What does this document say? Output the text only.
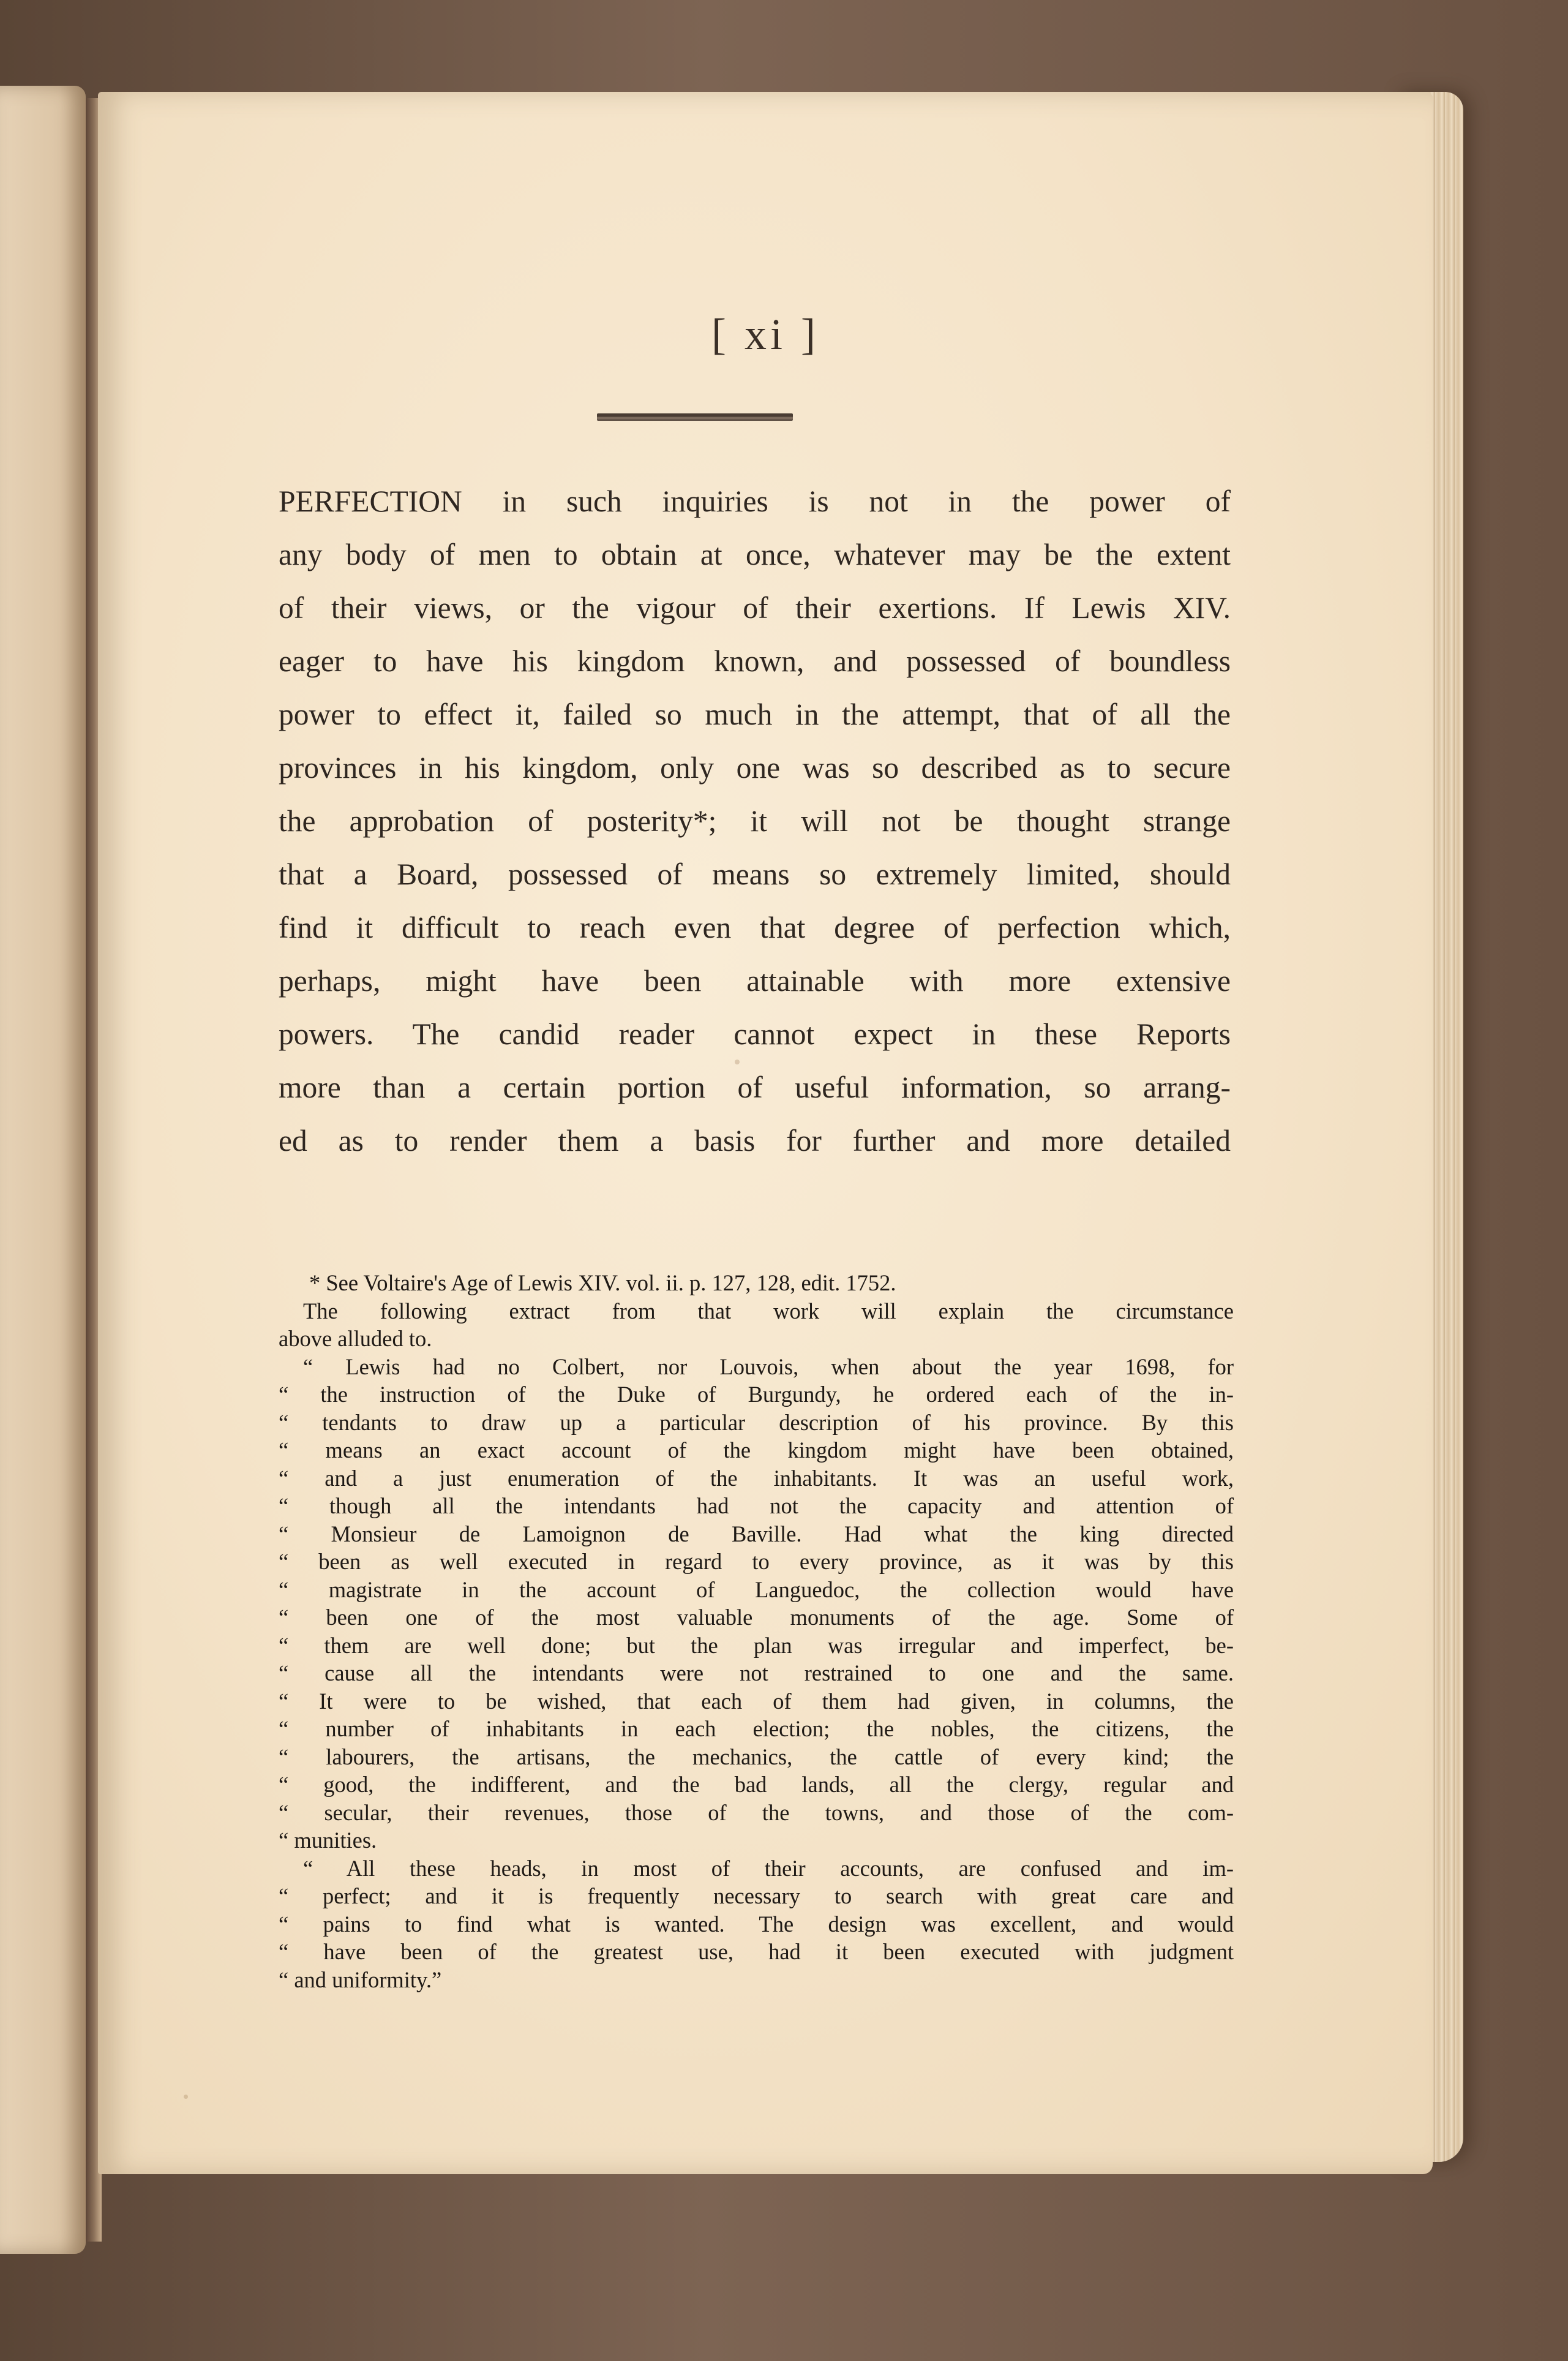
[ xi ]
PERFECTION in such inquiries is not in the power of
any body of men to obtain at once, whatever may be the extent
of their views, or the vigour of their exertions. If Lewis XIV.
eager to have his kingdom known, and possessed of boundless
power to effect it, failed so much in the attempt, that of all the
provinces in his kingdom, only one was so described as to secure
the approbation of posterity*; it will not be thought strange
that a Board, possessed of means so extremely limited, should
find it difficult to reach even that degree of perfection which,
perhaps, might have been attainable with more extensive
powers. The candid reader cannot expect in these Reports
more than a certain portion of useful information, so arrang-
ed as to render them a basis for further and more detailed
* See Voltaire's Age of Lewis XIV. vol. ii. p. 127, 128, edit. 1752.
The following extract from that work will explain the circumstance
above alluded to.
“ Lewis had no Colbert, nor Louvois, when about the year 1698, for
“ the instruction of the Duke of Burgundy, he ordered each of the in-
“ tendants to draw up a particular description of his province. By this
“ means an exact account of the kingdom might have been obtained,
“ and a just enumeration of the inhabitants. It was an useful work,
“ though all the intendants had not the capacity and attention of
“ Monsieur de Lamoignon de Baville. Had what the king directed
“ been as well executed in regard to every province, as it was by this
“ magistrate in the account of Languedoc, the collection would have
“ been one of the most valuable monuments of the age. Some of
“ them are well done; but the plan was irregular and imperfect, be-
“ cause all the intendants were not restrained to one and the same.
“ It were to be wished, that each of them had given, in columns, the
“ number of inhabitants in each election; the nobles, the citizens, the
“ labourers, the artisans, the mechanics, the cattle of every kind; the
“ good, the indifferent, and the bad lands, all the clergy, regular and
“ secular, their revenues, those of the towns, and those of the com-
“ munities.
“ All these heads, in most of their accounts, are confused and im-
“ perfect; and it is frequently necessary to search with great care and
“ pains to find what is wanted. The design was excellent, and would
“ have been of the greatest use, had it been executed with judgment
“ and uniformity.”
